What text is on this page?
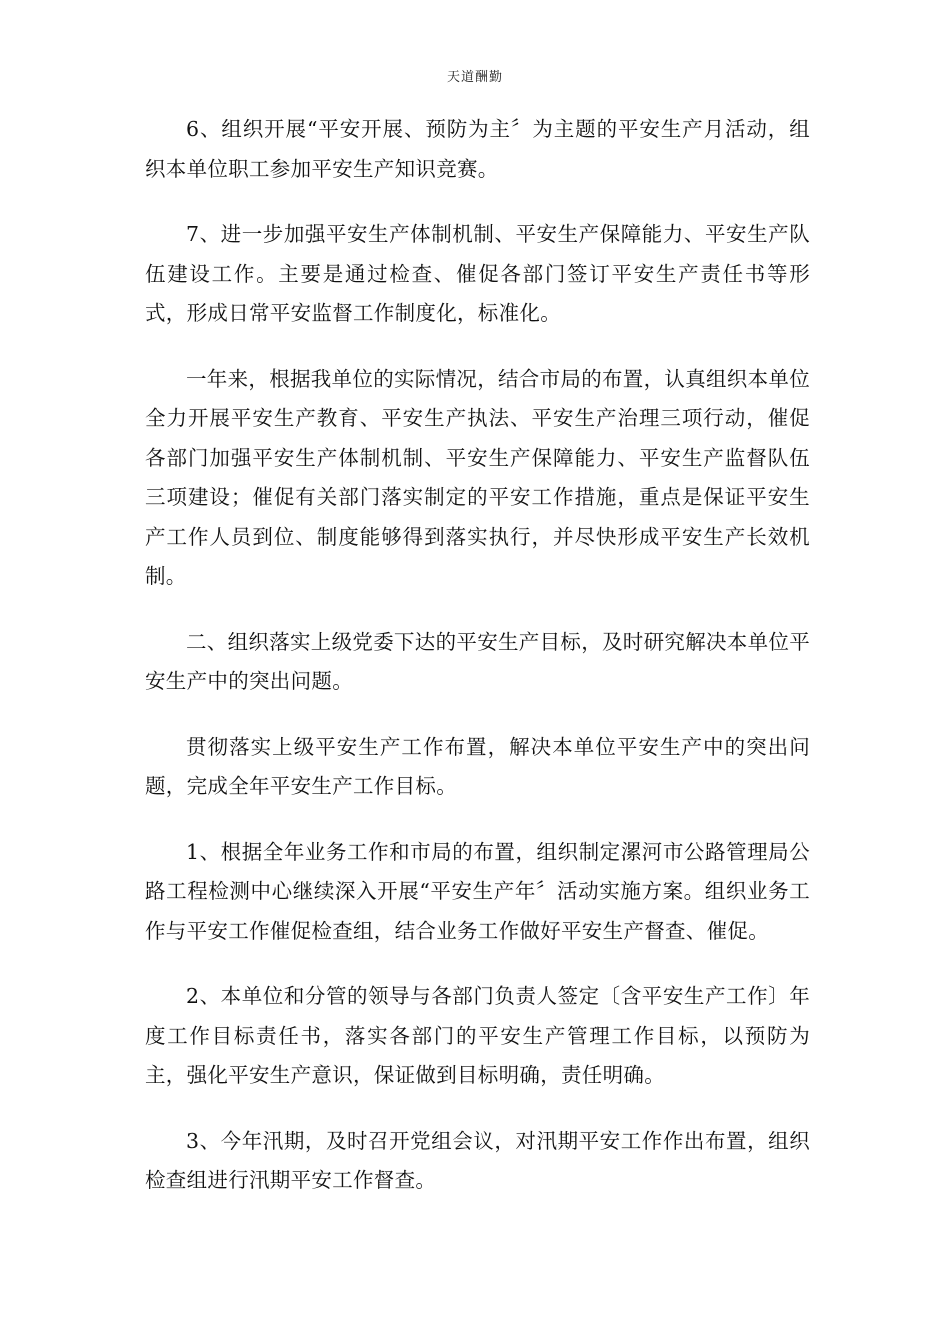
天道酬勤

6、组织开展“平安开展、预防为主〞为主题的平安生产月活动，组织本单位职工参加平安生产知识竞赛。

7、进一步加强平安生产体制机制、平安生产保障能力、平安生产队伍建设工作。主要是通过检查、催促各部门签订平安生产责任书等形式，形成日常平安监督工作制度化，标准化。

一年来，根据我单位的实际情况，结合市局的布置，认真组织本单位全力开展平安生产教育、平安生产执法、平安生产治理三项行动，催促各部门加强平安生产体制机制、平安生产保障能力、平安生产监督队伍三项建设；催促有关部门落实制定的平安工作措施，重点是保证平安生产工作人员到位、制度能够得到落实执行，并尽快形成平安生产长效机制。

二、组织落实上级党委下达的平安生产目标，及时研究解决本单位平安生产中的突出问题。

贯彻落实上级平安生产工作布置，解决本单位平安生产中的突出问题，完成全年平安生产工作目标。

1、根据全年业务工作和市局的布置，组织制定漯河市公路管理局公路工程检测中心继续深入开展“平安生产年〞活动实施方案。组织业务工作与平安工作催促检查组，结合业务工作做好平安生产督查、催促。

2、本单位和分管的领导与各部门负责人签定〔含平安生产工作〕年度工作目标责任书，落实各部门的平安生产管理工作目标，以预防为主，强化平安生产意识，保证做到目标明确，责任明确。

3、今年汛期，及时召开党组会议，对汛期平安工作作出布置，组织检查组进行汛期平安工作督查。
